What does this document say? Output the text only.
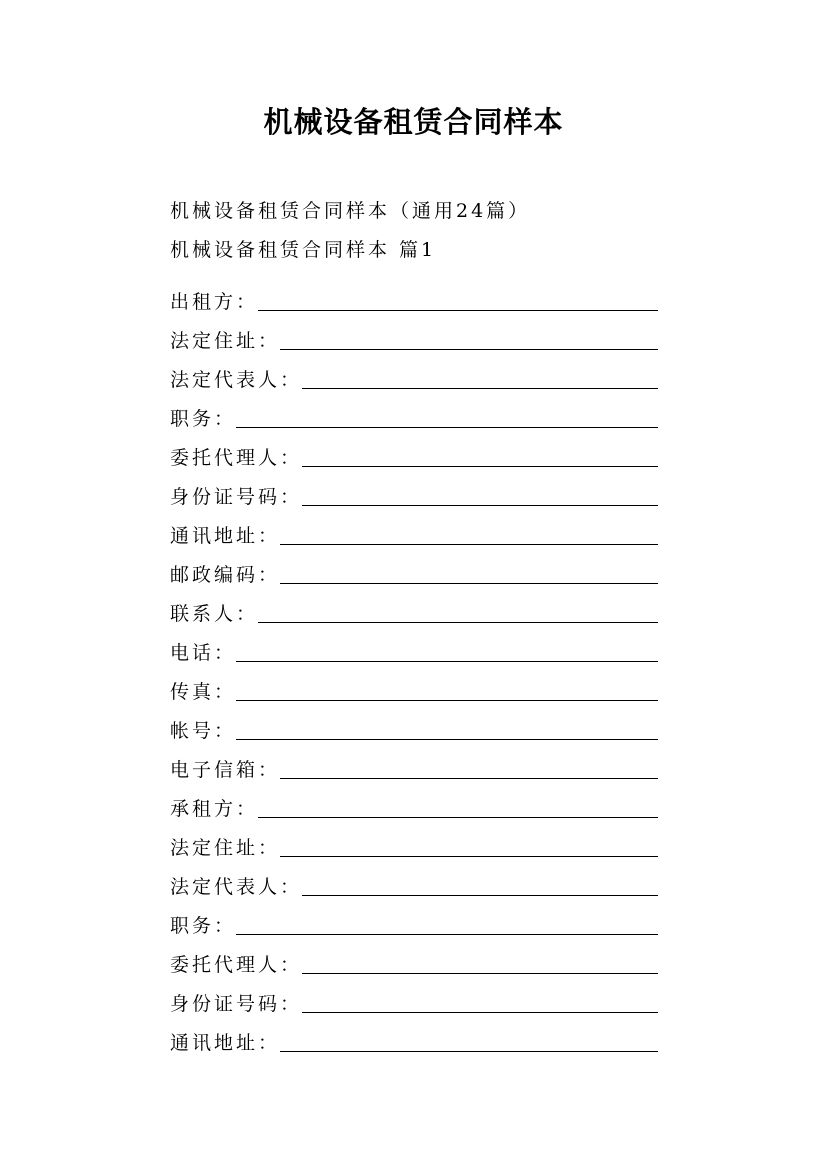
机械设备租赁合同样本
机械设备租赁合同样本（通用24篇）
机械设备租赁合同样本 篇1
出租方：
法定住址：
法定代表人：
职务：
委托代理人：
身份证号码：
通讯地址：
邮政编码：
联系人：
电话：
传真：
帐号：
电子信箱：
承租方：
法定住址：
法定代表人：
职务：
委托代理人：
身份证号码：
通讯地址：
